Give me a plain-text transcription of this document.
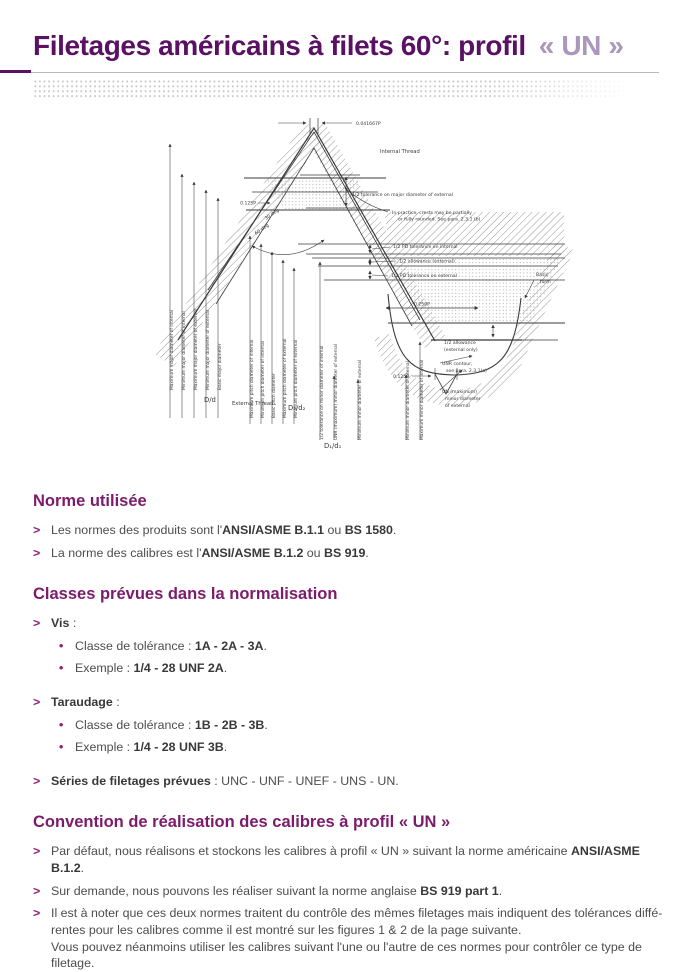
Filetages américains à filets 60°: profil « UN »
0.041667P
Internal Thread
1/2 tolerance on major diameter of external
In practice, crests may be partially
or fully rounded. See para. 2.3.1 (b)
1/2 PD tolerance on internal
1/2 allowance (external)
1/2 PD tolerance on external	Basic
form
0.250P
1/2 allowance
(external only)
UNR contour,
see para. 2.3.1(a)
UN (maximum)
minor diameter
of external
0.125P
0.125P
30 deg
60 deg
D/d	External Thread D₂/d₂
D₁/d₁
Maximum major diameter of internal Minimum major diameter of internal Maximum major diameter of external Minimum major diameter of external Basic major diameter	Maximum pitch diameter of internal Minimum pitch diameter of internal Basic pitch diameter Maximum pitch diameter of external Minimum pitch diameter of external	1/2 tolerance on minor diameter of internal UNR (maximum) minor diameter of external	Minimum minor diameter of external	Minimum minor diameter of internal Maximum minor diameter of internal
Norme utilisée
> Les normes des produits sont l'ANSI/ASME B.1.1 ou BS 1580.
> La norme des calibres est l'ANSI/ASME B.1.2 ou BS 919.
Classes prévues dans la normalisation
> Vis :
• Classe de tolérance : 1A - 2A - 3A.
• Exemple : 1/4 - 28 UNF 2A.
> Taraudage :
• Classe de tolérance : 1B - 2B - 3B.
• Exemple : 1/4 - 28 UNF 3B.
> Séries de filetages prévues : UNC - UNF - UNEF - UNS - UN.
Convention de réalisation des calibres à profil « UN »
> Par défaut, nous réalisons et stockons les calibres à profil « UN » suivant la norme américaine ANSI/ASME B.1.2.
> Sur demande, nous pouvons les réaliser suivant la norme anglaise BS 919 part 1.
> Il est à noter que ces deux normes traitent du contrôle des mêmes filetages mais indiquent des tolérances diffé-
rentes pour les calibres comme il est montré sur les figures 1 & 2 de la page suivante.
Vous pouvez néanmoins utiliser les calibres suivant l'une ou l'autre de ces normes pour contrôler ce type de filetage.
